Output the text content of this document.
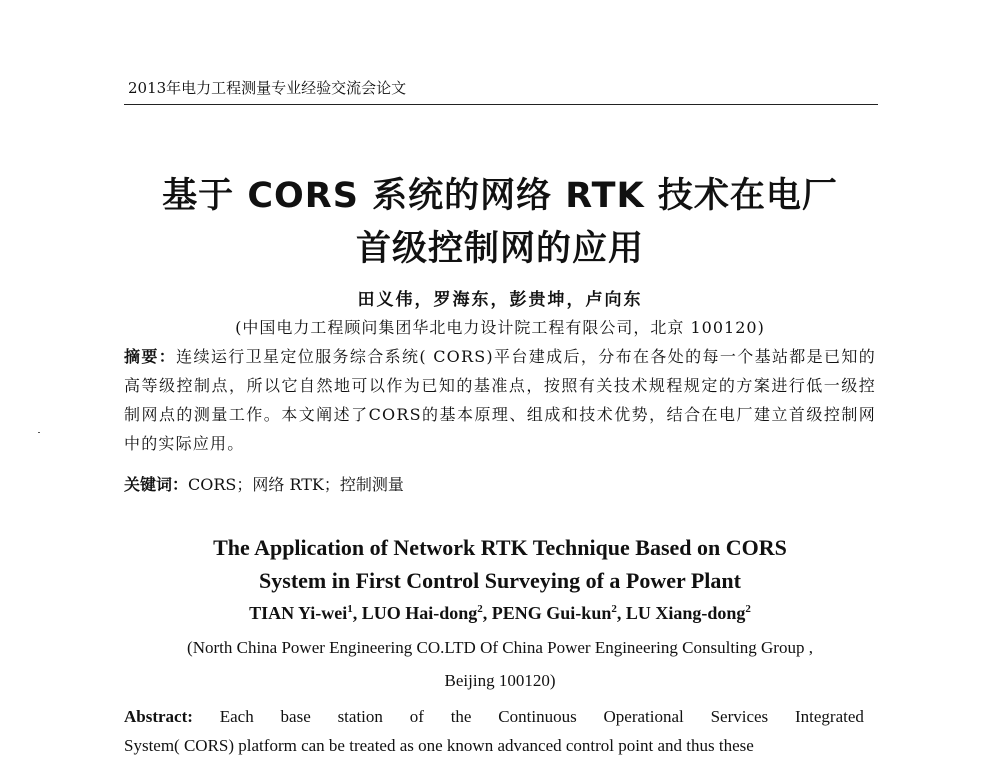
2013年电力工程测量专业经验交流会论文
基于 CORS 系统的网络 RTK 技术在电厂
首级控制网的应用
田义伟，罗海东，彭贵坤，卢向东
(中国电力工程顾问集团华北电力设计院工程有限公司，北京 100120)
摘要：连续运行卫星定位服务综合系统( CORS)平台建成后，分布在各处的每一个基站都是已知的高等级控制点，所以它自然地可以作为已知的基准点，按照有关技术规程规定的方案进行低一级控制网点的测量工作。本文阐述了CORS的基本原理、组成和技术优势，结合在电厂建立首级控制网中的实际应用。
关键词：CORS；网络 RTK；控制测量
The Application of Network RTK Technique Based on CORS
System in First Control Surveying of a Power Plant
TIAN Yi-wei$^1$, LUO Hai-dong$^2$, PENG Gui-kun$^2$, LU Xiang-dong$^2$
(North China Power Engineering CO.LTD Of China Power Engineering Consulting Group ,
Beijing 100120)
Abstract: Each base station of the Continuous Operational Services Integrated
System( CORS) platform can be treated as one known advanced control point and thus these
